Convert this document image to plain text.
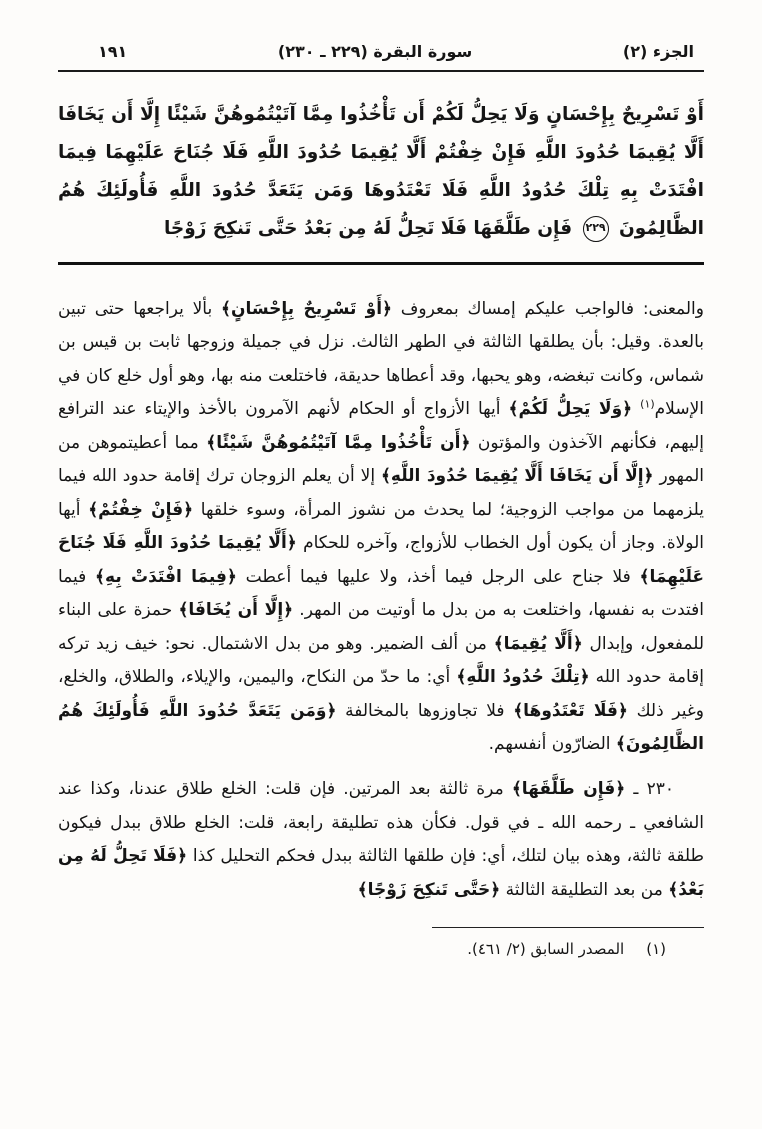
الجزء (٢)
سورة البقرة (٢٢٩ ـ ٢٣٠)
١٩١
أَوْ تَسْرِيحٌ بِإِحْسَانٍ وَلَا يَحِلُّ لَكُمْ أَن تَأْخُذُوا مِمَّا آتَيْتُمُوهُنَّ شَيْئًا إِلَّا أَن يَخَافَا أَلَّا يُقِيمَا حُدُودَ اللَّهِ فَإِنْ خِفْتُمْ أَلَّا يُقِيمَا حُدُودَ اللَّهِ فَلَا جُنَاحَ عَلَيْهِمَا فِيمَا افْتَدَتْ بِهِ تِلْكَ حُدُودُ اللَّهِ فَلَا تَعْتَدُوهَا وَمَن يَتَعَدَّ حُدُودَ اللَّهِ فَأُولَئِكَ هُمُ الظَّالِمُونَ ٢٢٩ فَإِن طَلَّقَهَا فَلَا تَحِلُّ لَهُ مِن بَعْدُ حَتَّى تَنكِحَ زَوْجًا

والمعنى: فالواجب عليكم إمساك بمعروف ﴿أَوْ تَسْرِيحٌ بِإِحْسَانٍ﴾ بألا يراجعها حتى تبين بالعدة. وقيل: بأن يطلقها الثالثة في الطهر الثالث. نزل في جميلة وزوجها ثابت بن قيس بن شماس، وكانت تبغضه، وهو يحبها، وقد أعطاها حديقة، فاختلعت منه بها، وهو أول خلع كان في الإسلام$^{(١)}$ ﴿وَلَا يَحِلُّ لَكُمْ﴾ أيها الأزواج أو الحكام لأنهم الآمرون بالأخذ والإيتاء عند الترافع إليهم، فكأنهم الآخذون والمؤتون ﴿أَن تَأْخُذُوا مِمَّا آتَيْتُمُوهُنَّ شَيْئًا﴾ مما أعطيتموهن من المهور ﴿إِلَّا أَن يَخَافَا أَلَّا يُقِيمَا حُدُودَ اللَّهِ﴾ إلا أن يعلم الزوجان ترك إقامة حدود الله فيما يلزمهما من مواجب الزوجية؛ لما يحدث من نشوز المرأة، وسوء خلقها ﴿فَإِنْ خِفْتُمْ﴾ أيها الولاة. وجاز أن يكون أول الخطاب للأزواج، وآخره للحكام ﴿أَلَّا يُقِيمَا حُدُودَ اللَّهِ فَلَا جُنَاحَ عَلَيْهِمَا﴾ فلا جناح على الرجل فيما أخذ، ولا عليها فيما أعطت ﴿فِيمَا افْتَدَتْ بِهِ﴾ فيما افتدت به نفسها، واختلعت به من بدل ما أوتيت من المهر. ﴿إِلَّا أَن يُخَافَا﴾ حمزة على البناء للمفعول، وإبدال ﴿أَلَّا يُقِيمَا﴾ من ألف الضمير. وهو من بدل الاشتمال. نحو: خيف زيد تركه إقامة حدود الله ﴿تِلْكَ حُدُودُ اللَّهِ﴾ أي: ما حدّ من النكاح، واليمين، والإيلاء، والطلاق، والخلع، وغير ذلك ﴿فَلَا تَعْتَدُوهَا﴾ فلا تجاوزوها بالمخالفة ﴿وَمَن يَتَعَدَّ حُدُودَ اللَّهِ فَأُولَئِكَ هُمُ الظَّالِمُونَ﴾ الضارّون أنفسهم.

٢٣٠ ـ ﴿فَإِن طَلَّقَهَا﴾ مرة ثالثة بعد المرتين. فإن قلت: الخلع طلاق عندنا، وكذا عند الشافعي ـ رحمه الله ـ في قول. فكأن هذه تطليقة رابعة، قلت: الخلع طلاق ببدل فيكون طلقة ثالثة، وهذه بيان لتلك، أي: فإن طلقها الثالثة ببدل فحكم التحليل كذا ﴿فَلَا تَحِلُّ لَهُ مِن بَعْدُ﴾ من بعد التطليقة الثالثة ﴿حَتَّى تَنكِحَ زَوْجًا﴾

(١)المصدر السابق (٢/ ٤٦١).
